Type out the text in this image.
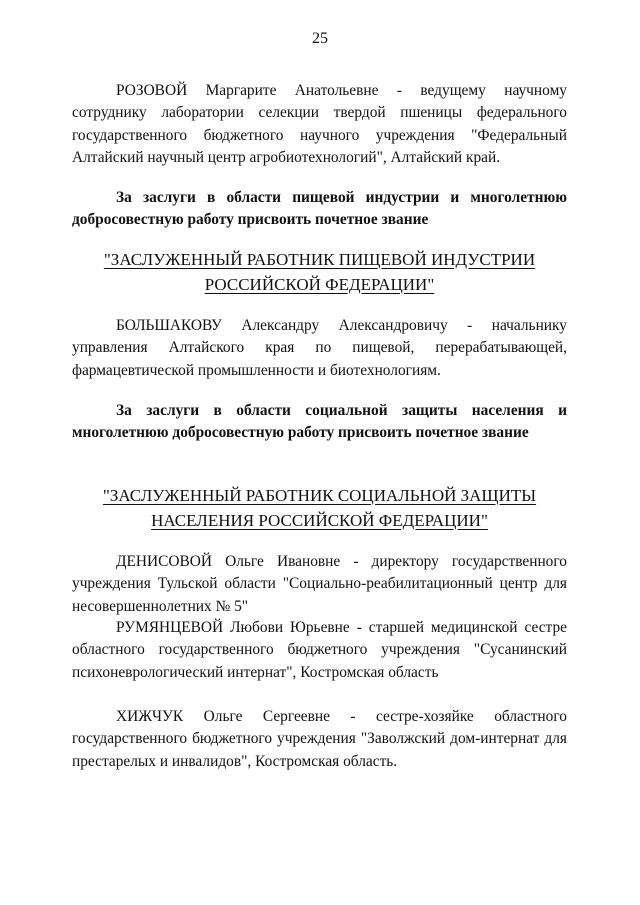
25

РОЗОВОЙ Маргарите Анатольевне - ведущему научному сотруднику лаборатории селекции твердой пшеницы федерального государственного бюджетного научного учреждения "Федеральный Алтайский научный центр агробиотехнологий", Алтайский край.

За заслуги в области пищевой индустрии и многолетнюю добросовестную работу присвоить почетное звание

"ЗАСЛУЖЕННЫЙ РАБОТНИК ПИЩЕВОЙ ИНДУСТРИИ РОССИЙСКОЙ ФЕДЕРАЦИИ"

БОЛЬШАКОВУ Александру Александровичу - начальнику управления Алтайского края по пищевой, перерабатывающей, фармацевтической промышленности и биотехнологиям.

За заслуги в области социальной защиты населения и многолетнюю добросовестную работу присвоить почетное звание

"ЗАСЛУЖЕННЫЙ РАБОТНИК СОЦИАЛЬНОЙ ЗАЩИТЫ НАСЕЛЕНИЯ РОССИЙСКОЙ ФЕДЕРАЦИИ"

ДЕНИСОВОЙ Ольге Ивановне - директору государственного учреждения Тульской области "Социально-реабилитационный центр для несовершеннолетних № 5"

РУМЯНЦЕВОЙ Любови Юрьевне - старшей медицинской сестре областного государственного бюджетного учреждения "Сусанинский психоневрологический интернат", Костромская область

ХИЖЧУК Ольге Сергеевне - сестре-хозяйке областного государственного бюджетного учреждения "Заволжский дом-интернат для престарелых и инвалидов", Костромская область.
